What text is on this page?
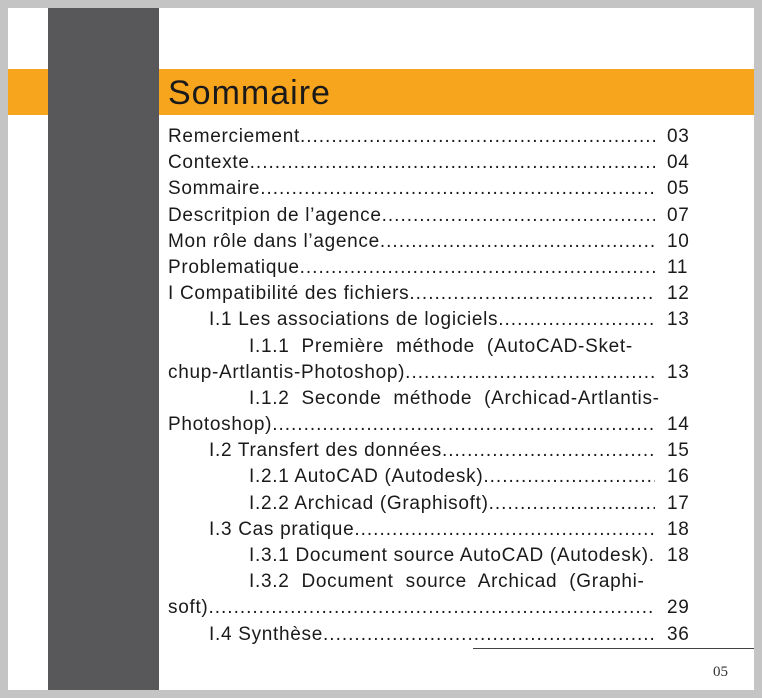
Sommaire
Remerciement .....	03
Contexte .....	04
Sommaire .....	05
Descritpion de l’agence .....	07
Mon rôle dans l’agence .....	10
Problematique .....	11
I Compatibilité des fichiers .....	12
I.1 Les associations de logiciels .....	13
I.1.1 Première méthode (AutoCAD-Sket-
chup-Artlantis-Photoshop) .....	13
I.1.2 Seconde méthode (Archicad-Artlantis-
Photoshop) .....	14
I.2 Transfert des données .....	15
I.2.1 AutoCAD (Autodesk) .....	16
I.2.2 Archicad (Graphisoft) .....	17
I.3 Cas pratique .....	18
I.3.1 Document source AutoCAD (Autodesk) ..... 18
I.3.2 Document source Archicad (Graphi-
soft) .....	29
I.4 Synthèse .....	36
05
